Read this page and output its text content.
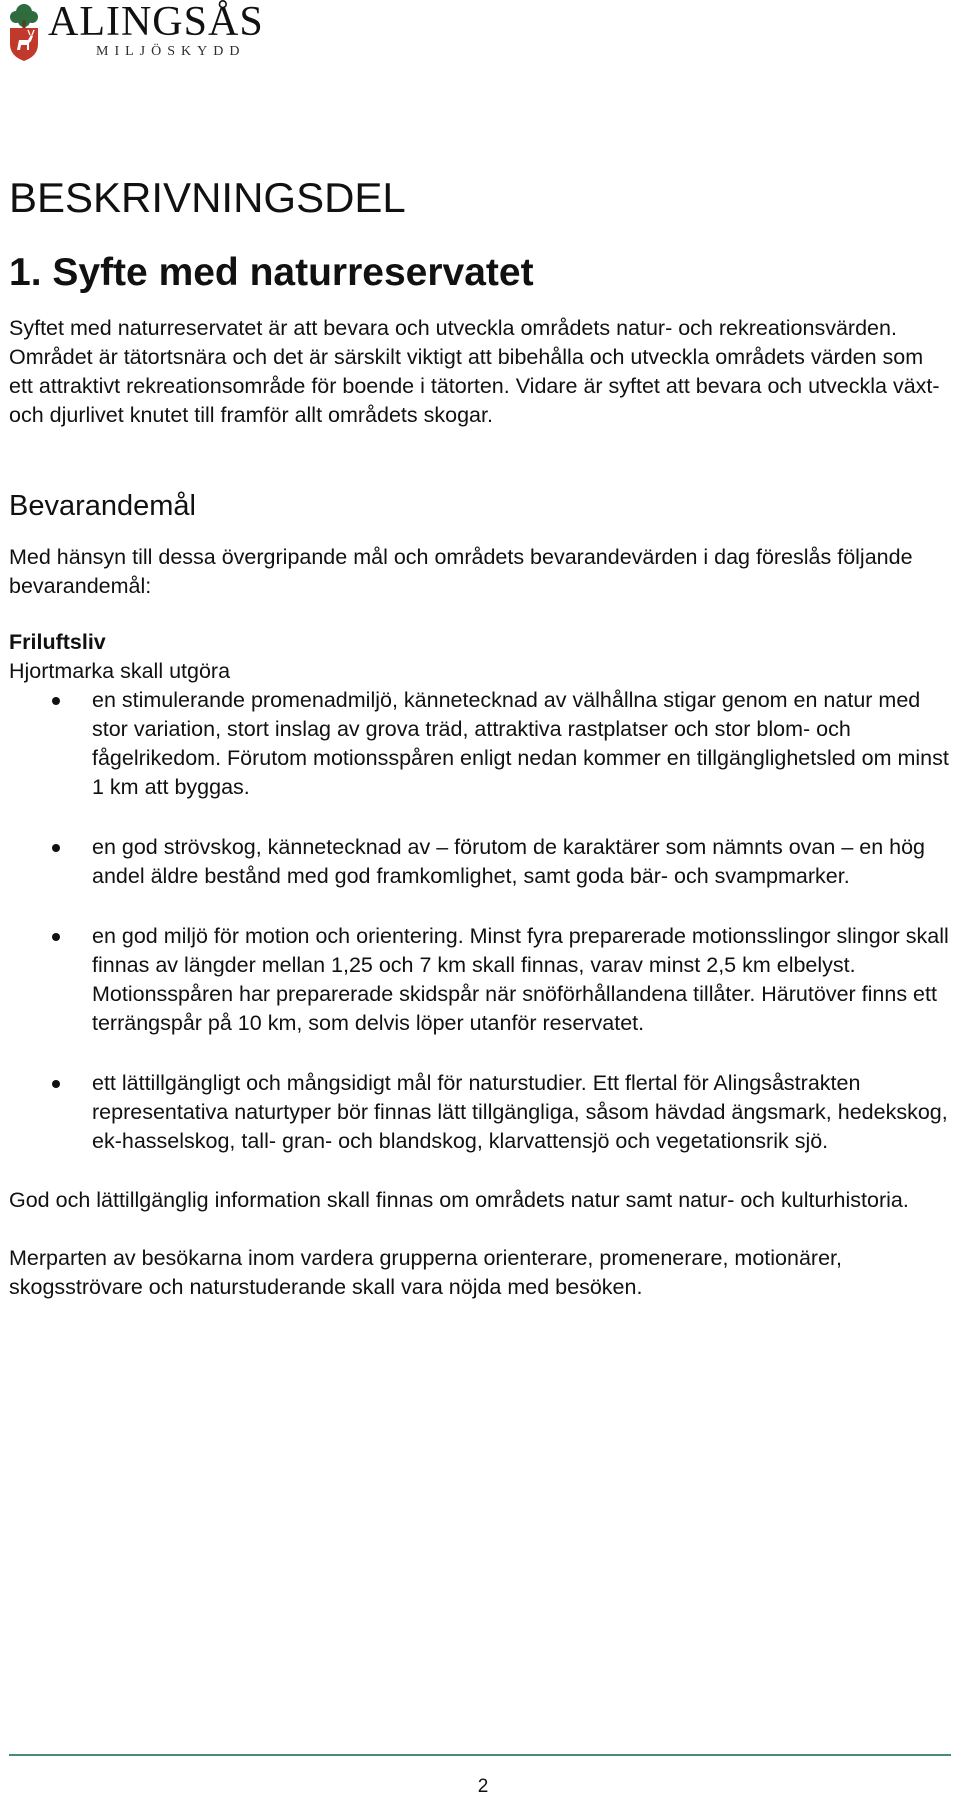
ALINGSÅS
MILJÖSKYDD
BESKRIVNINGSDEL
1. Syfte med naturreservatet

Syftet med naturreservatet är att bevara och utveckla områdets natur- och rekreationsvärden. Området är tätortsnära och det är särskilt viktigt att bibehålla och utveckla områdets värden som ett attraktivt rekreationsområde för boende i tätorten. Vidare är syftet att bevara och utveckla växt- och djurlivet knutet till framför allt områdets skogar.

Bevarandemål

Med hänsyn till dessa övergripande mål och områdets bevarandevärden i dag föreslås följande bevarandemål:

Friluftsliv

Hjortmarka skall utgöra

en stimulerande promenadmiljö, kännetecknad av välhållna stigar genom en natur med stor variation, stort inslag av grova träd, attraktiva rastplatser och stor blom- och fågelrikedom. Förutom motionsspåren enligt nedan kommer en tillgänglighetsled om minst 1 km att byggas.
en god strövskog, kännetecknad av – förutom de karaktärer som nämnts ovan – en hög andel äldre bestånd med god framkomlighet, samt goda bär- och svampmarker.
en god miljö för motion och orientering. Minst fyra preparerade motionsslingor slingor skall finnas av längder mellan 1,25 och 7 km skall finnas, varav minst 2,5 km elbelyst. Motionsspåren har preparerade skidspår när snöförhållandena tillåter. Härutöver finns ett terrängspår på 10 km, som delvis löper utanför reservatet.
ett lättillgängligt och mångsidigt mål för naturstudier. Ett flertal för Alingsåstrakten representativa naturtyper bör finnas lätt tillgängliga, såsom hävdad ängsmark, hedekskog, ek-hasselskog, tall- gran- och blandskog, klarvattensjö och vegetationsrik sjö.

God och lättillgänglig information skall finnas om områdets natur samt natur- och kulturhistoria.

Merparten av besökarna inom vardera grupperna orienterare, promenerare, motionärer, skogsströvare och naturstuderande skall vara nöjda med besöken.

2
